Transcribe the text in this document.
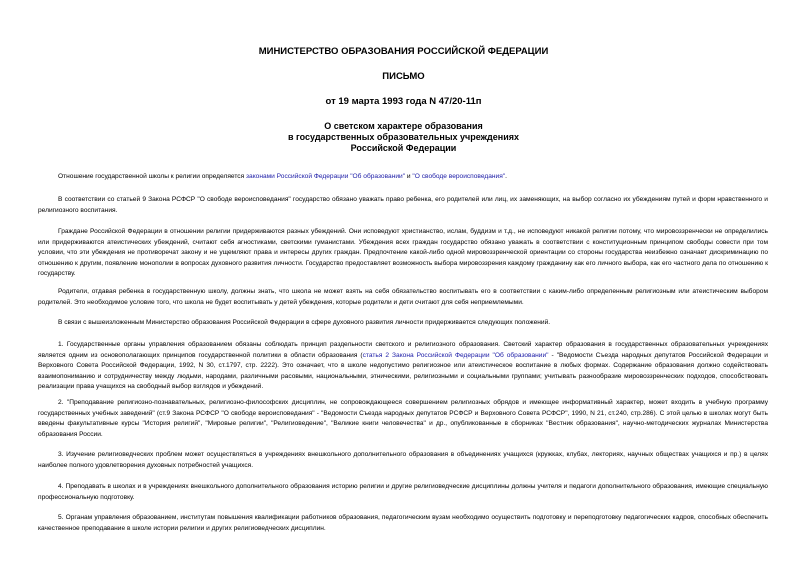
МИНИСТЕРСТВО ОБРАЗОВАНИЯ РОССИЙСКОЙ ФЕДЕРАЦИИ
ПИСЬМО
от 19 марта 1993 года N 47/20-11п
О светском характере образования
в государственных образовательных учреждениях
Российской Федерации
Отношение государственной школы к религии определяется законами Российской Федерации "Об образовании" и "О свободе вероисповедания".
В соответствии со статьей 9 Закона РСФСР "О свободе вероисповедания" государство обязано уважать право ребенка, его родителей или лиц, их заменяющих, на выбор согласно их убеждениям путей и форм нравственного и религиозного воспитания.
Граждане Российской Федерации в отношении религии придерживаются разных убеждений. Они исповедуют христианство, ислам, буддизм и т.д., не исповедуют никакой религии потому, что мировоззренчески не определились или придерживаются атеистических убеждений, считают себя агностиками, светскими гуманистами. Убеждения всех граждан государство обязано уважать в соответствии с конституционным принципом свободы совести при том условии, что эти убеждения не противоречат закону и не ущемляют права и интересы других граждан. Предпочтение какой-либо одной мировоззренческой ориентации со стороны государства неизбежно означает дискриминацию по отношению к другим, появление монополии в вопросах духовного развития личности. Государство предоставляет возможность выбора мировоззрения каждому гражданину как его личного выбора, как его частного дела по отношению к государству.
Родители, отдавая ребенка в государственную школу, должны знать, что школа не может взять на себя обязательство воспитывать его в соответствии с каким-либо определенным религиозным или атеистическим выбором родителей. Это необходимое условие того, что школа не будет воспитывать у детей убеждения, которые родители и дети считают для себя неприемлемыми.
В связи с вышеизложенным Министерство образования Российской Федерации в сфере духовного развития личности придерживается следующих положений.
1. Государственные органы управления образованием обязаны соблюдать принцип раздельности светского и религиозного образования. Светский характер образования в государственных образовательных учреждениях является одним из основополагающих принципов государственной политики в области образования (статья 2 Закона Российской Федерации "Об образовании" - "Ведомости Съезда народных депутатов Российской Федерации и Верховного Совета Российской Федерации, 1992, N 30, ст.1797, стр. 2222). Это означает, что в школе недопустимо религиозное или атеистическое воспитание в любых формах. Содержание образования должно содействовать взаимопониманию и сотрудничеству между людьми, народами, различными расовыми, национальными, этническими, религиозными и социальными группами; учитывать разнообразие мировоззренческих подходов, способствовать реализации права учащихся на свободный выбор взглядов и убеждений.
2. "Преподавание религиозно-познавательных, религиозно-философских дисциплин, не сопровождающееся совершением религиозных обрядов и имеющее информативный характер, может входить в учебную программу государственных учебных заведений" (ст.9 Закона РСФСР "О свободе вероисповедания" - "Ведомости Съезда народных депутатов РСФСР и Верховного Совета РСФСР", 1990, N 21, ст.240, стр.286). С этой целью в школах могут быть введены факультативные курсы "История религий", "Мировые религии", "Религиоведение", "Великие книги человечества" и др., опубликованные в сборниках "Вестник образования", научно-методических журналах Министерства образования России.
3. Изучение религиоведческих проблем может осуществляться в учреждениях внешкольного дополнительного образования в объединениях учащихся (кружках, клубах, лекториях, научных обществах учащихся и пр.) в целях наиболее полного удовлетворения духовных потребностей учащихся.
4. Преподавать в школах и в учреждениях внешкольного дополнительного образования историю религии и другие религиоведческие дисциплины должны учителя и педагоги дополнительного образования, имеющие специальную профессиональную подготовку.
5. Органам управления образованием, институтам повышения квалификации работников образования, педагогическим вузам необходимо осуществить подготовку и переподготовку педагогических кадров, способных обеспечить качественное преподавание в школе истории религии и других религиоведческих дисциплин.
